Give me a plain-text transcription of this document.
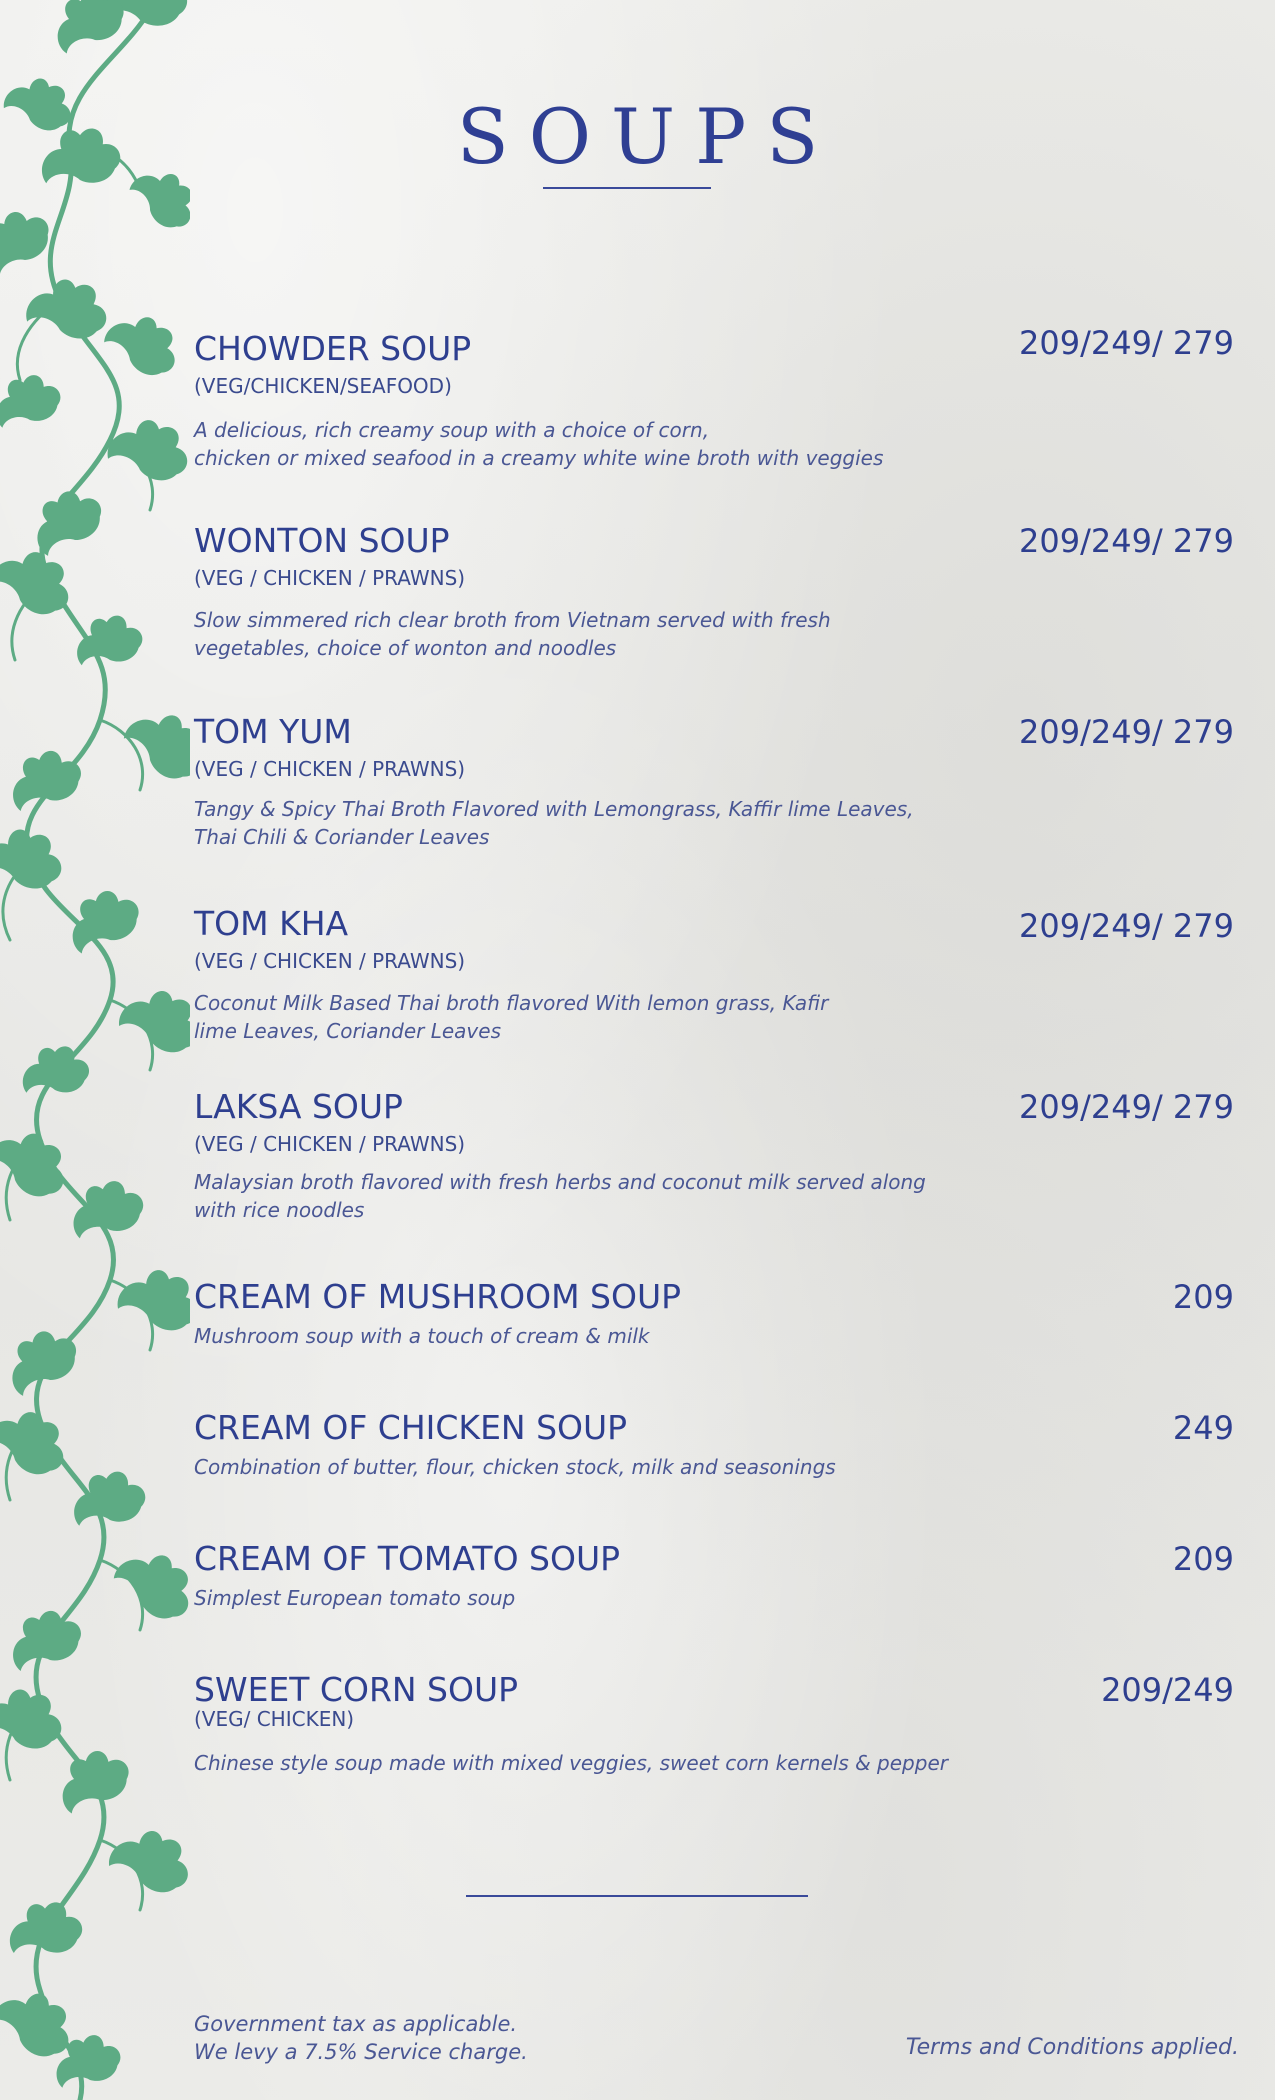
SOUPS
CHOWDER SOUP	209/249/ 279
(VEG/CHICKEN/SEAFOOD)
A delicious, rich creamy soup with a choice of corn,
chicken or mixed seafood in a creamy white wine broth with veggies
WONTON SOUP	209/249/ 279
(VEG / CHICKEN / PRAWNS)
Slow simmered rich clear broth from Vietnam served with fresh
vegetables, choice of wonton and noodles
TOM YUM	209/249/ 279
(VEG / CHICKEN / PRAWNS)
Tangy & Spicy Thai Broth Flavored with Lemongrass, Kaffir lime Leaves,
Thai Chili & Coriander Leaves
TOM KHA	209/249/ 279
(VEG / CHICKEN / PRAWNS)
Coconut Milk Based Thai broth flavored With lemon grass, Kafir
lime Leaves, Coriander Leaves
LAKSA SOUP	209/249/ 279
(VEG / CHICKEN / PRAWNS)
Malaysian broth flavored with fresh herbs and coconut milk served along
with rice noodles
CREAM OF MUSHROOM SOUP	209
Mushroom soup with a touch of cream & milk
CREAM OF CHICKEN SOUP	249
Combination of butter, flour, chicken stock, milk and seasonings
CREAM OF TOMATO SOUP	209
Simplest European tomato soup
SWEET CORN SOUP	209/249
(VEG/ CHICKEN)
Chinese style soup made with mixed veggies, sweet corn kernels & pepper
Government tax as applicable.
We levy a 7.5% Service charge.	Terms and Conditions applied.
